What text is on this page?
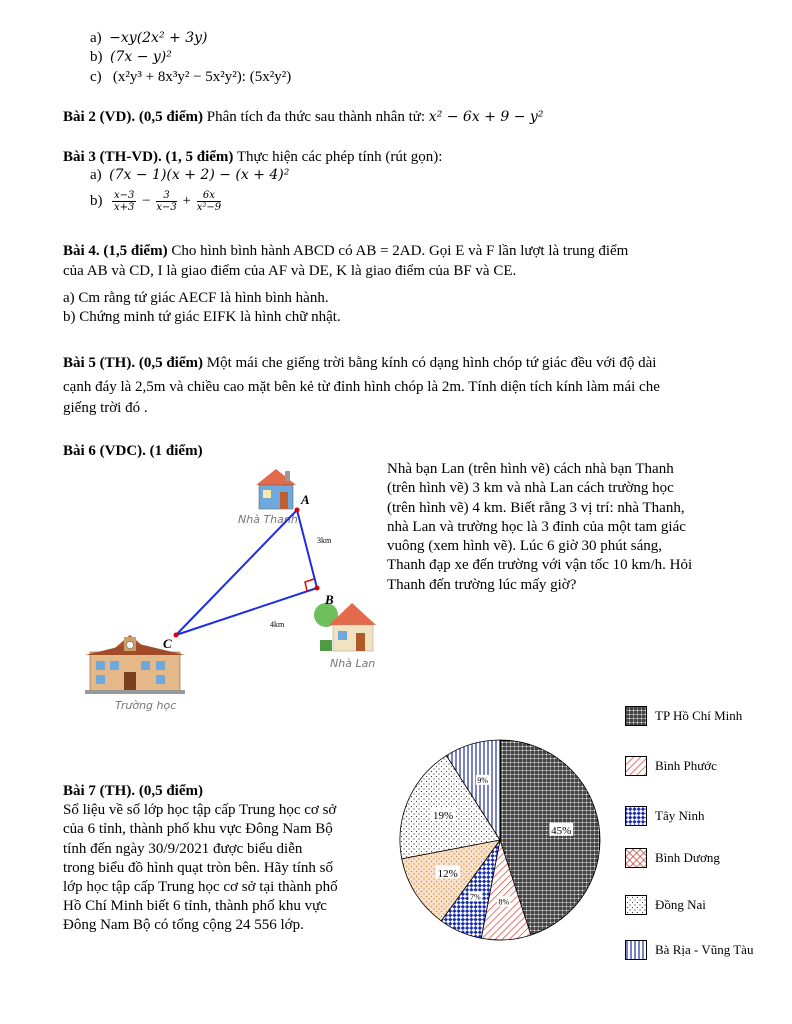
a) −xy(2x² + 3y)
b) (7x − y)²
c) (x²y³ + 8x³y² − 5x²y²): (5x²y²)
Bài 2 (VD). (0,5 điểm) Phân tích đa thức sau thành nhân tử: x² − 6x + 9 − y²
Bài 3 (TH-VD). (1, 5 điểm) Thực hiện các phép tính (rút gọn):
a) (7x − 1)(x + 2) − (x + 4)²
$b) \frac{x-3}{x+3} - \frac{3}{x-3} + \frac{6x}{\text{x²−9}}$
Bài 4. (1,5 điểm) Cho hình bình hành ABCD có AB = 2AD. Gọi E và F lần lượt là trung điểm
của AB và CD, I là giao điểm của AF và DE, K là giao điểm của BF và CE.
a) Cm rằng tứ giác AECF là hình bình hành.
b) Chứng minh tứ giác EIFK là hình chữ nhật.
Bài 5 (TH). (0,5 điểm) Một mái che giếng trời bằng kính có dạng hình chóp tứ giác đều với độ dài
cạnh đáy là 2,5m và chiều cao mặt bên kẻ từ đỉnh hình chóp là 2m. Tính diện tích kính làm mái che
giếng trời đó .
Bài 6 (VDC). (1 điểm)
Nhà bạn Lan (trên hình vẽ) cách nhà bạn Thanh
(trên hình vẽ) 3 km và nhà Lan cách trường học
(trên hình vẽ) 4 km. Biết rằng 3 vị trí: nhà Thanh,
nhà Lan và trường học là 3 đỉnh của một tam giác
vuông (xem hình vẽ). Lúc 6 giờ 30 phút sáng,
Thanh đạp xe đến trường với vận tốc 10 km/h. Hỏi
Thanh đến trường lúc mấy giờ?
Nhà Thanh
Nhà Lan
Trường học
A
B
C
3km
4km
Bài 7 (TH). (0,5 điểm)
Số liệu về số lớp học tập cấp Trung học cơ sở
của 6 tỉnh, thành phố khu vực Đông Nam Bộ
tính đến ngày 30/9/2021 được biểu diễn
trong biểu đồ hình quạt tròn bên. Hãy tính số
lớp học tập cấp Trung học cơ sở tại thành phố
Hồ Chí Minh biết 6 tỉnh, thành phố khu vực
Đông Nam Bộ có tổng cộng 24 556 lớp.
45%
8%
7%
12%
19%
9%
TP Hồ Chí Minh
Bình Phước
Tây Ninh
Bình Dương
Đồng Nai
Bà Rịa - Vũng Tàu
